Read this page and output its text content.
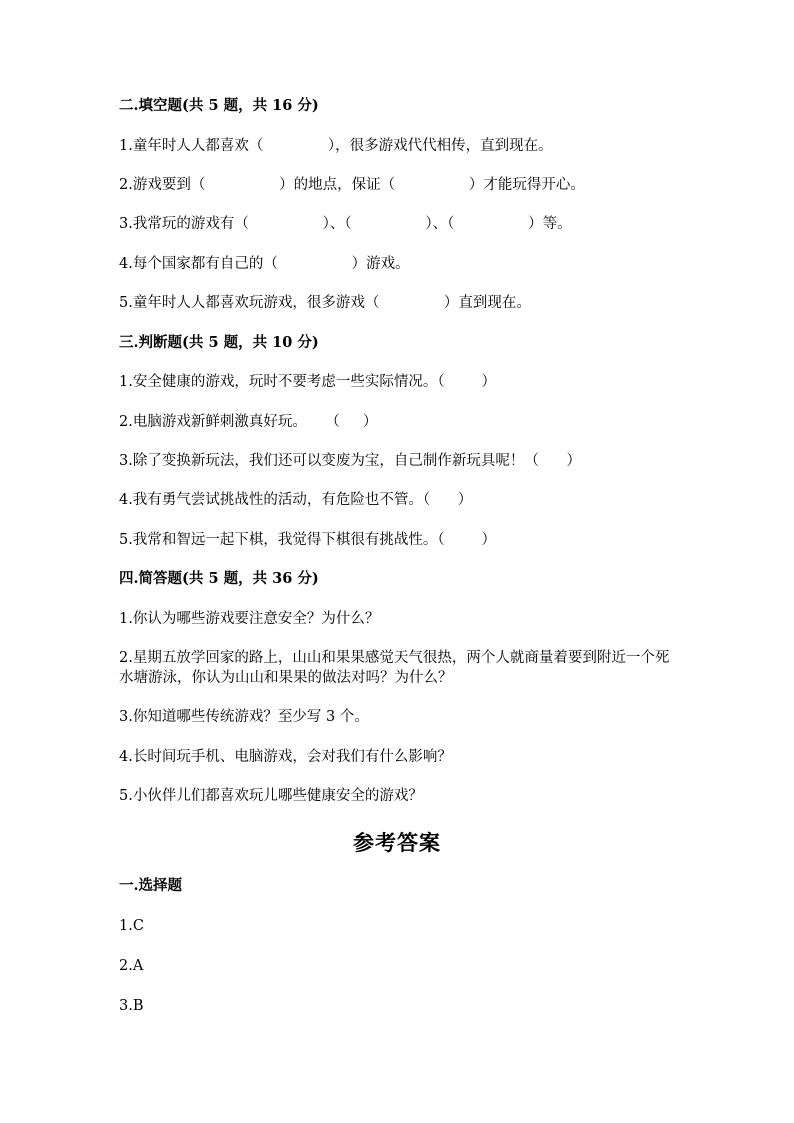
二.填空题(共 5 题，共 16 分)
1.童年时人人都喜欢（              ），很多游戏代代相传，直到现在。
2.游戏要到（                ）的地点，保证（                ）才能玩得开心。
3.我常玩的游戏有（                ）、（                ）、（                ）等。
4.每个国家都有自己的（                ）游戏。
5.童年时人人都喜欢玩游戏，很多游戏（              ）直到现在。
三.判断题(共 5 题，共 10 分)
1.安全健康的游戏，玩时不要考虑一些实际情况。（        ）
2.电脑游戏新鲜刺激真好玩。    （     ）
3.除了变换新玩法，我们还可以变废为宝，自己制作新玩具呢！（      ）
4.我有勇气尝试挑战性的活动，有危险也不管。（      ）
5.我常和智远一起下棋，我觉得下棋很有挑战性。（        ）
四.简答题(共 5 题，共 36 分)
1.你认为哪些游戏要注意安全？为什么？
2.星期五放学回家的路上，山山和果果感觉天气很热，两个人就商量着要到附近一个死水塘游泳，你认为山山和果果的做法对吗？为什么？
3.你知道哪些传统游戏？至少写 3 个。
4.长时间玩手机、电脑游戏，会对我们有什么影响？
5.小伙伴儿们都喜欢玩儿哪些健康安全的游戏？
参考答案
一.选择题
1.C
2.A
3.B
